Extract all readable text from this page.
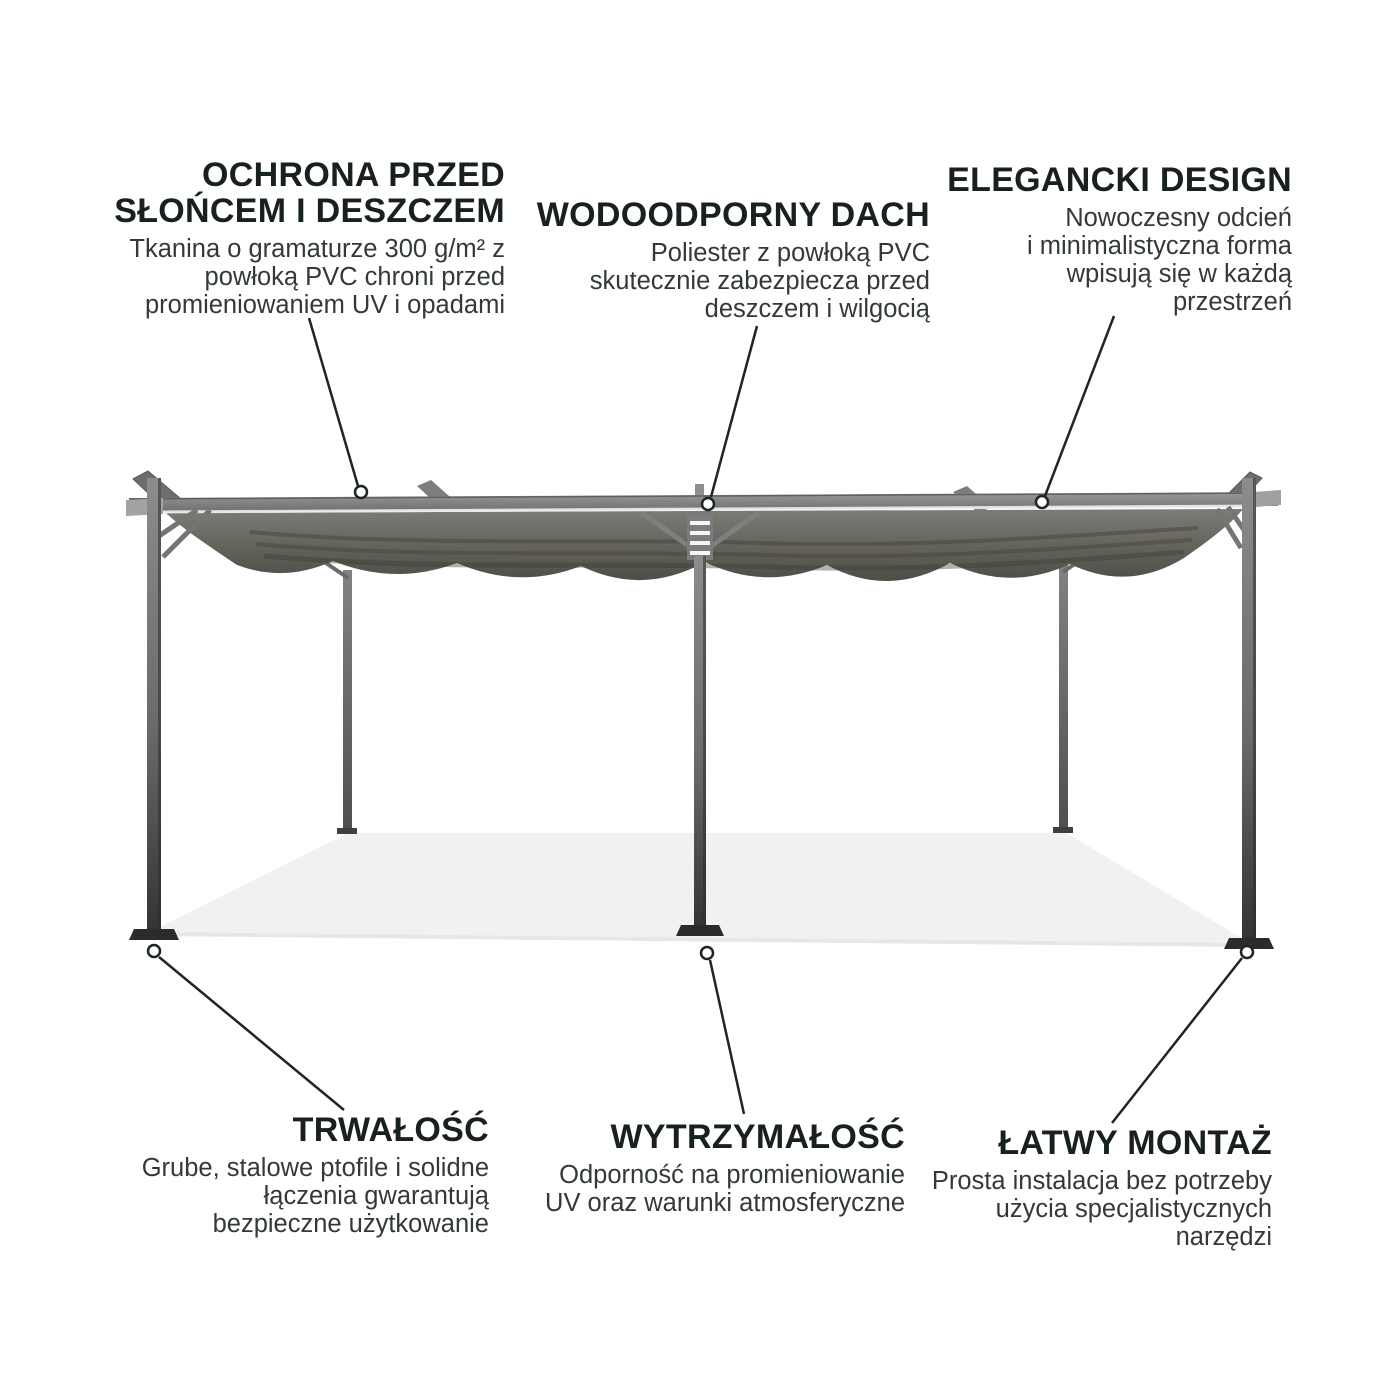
OCHRONA PRZED
SŁOŃCEM I DESZCZEM
Tkanina o gramaturze 300 g/m² z
powłoką PVC chroni przed
promieniowaniem UV i opadami
WODOODPORNY DACH
Poliester z powłoką PVC
skutecznie zabezpiecza przed
deszczem i wilgocią
ELEGANCKI DESIGN
Nowoczesny odcień
i minimalistyczna forma
wpisują się w każdą
przestrzeń
TRWAŁOŚĆ
Grube, stalowe ptofile i solidne
łączenia gwarantują
bezpieczne użytkowanie
WYTRZYMAŁOŚĆ
Odporność na promieniowanie
UV oraz warunki atmosferyczne
ŁATWY MONTAŻ
Prosta instalacja bez potrzeby
użycia specjalistycznych
narzędzi
